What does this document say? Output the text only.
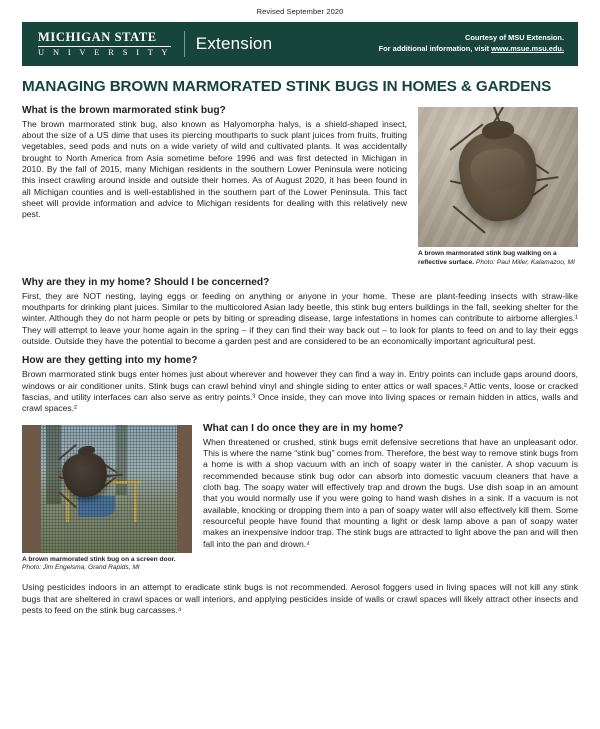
Revised September 2020
MICHIGAN STATE
U N I V E R S I T Y Extension	Courtesy of MSU Extension.
For additional information, visit www.msue.msu.edu.
MANAGING BROWN MARMORATED STINK BUGS IN HOMES & GARDENS
A brown marmorated stink bug walking on a reflective surface. Photo: Paul Miller, Kalamazoo, MI
What is the brown marmorated stink bug?

The brown marmorated stink bug, also known as Halyomorpha halys, is a shield-shaped insect, about the size of a US dime that uses its piercing mouthparts to suck plant juices from fruits, fruiting vegetables, seed pods and nuts on a wide variety of wild and cultivated plants. It was accidentally brought to North America from Asia sometime before 1996 and was first detected in Michigan in 2010. By the fall of 2015, many Michigan residents in the southern Lower Peninsula were noticing this insect crawling around inside and outside their homes. As of August 2020, it has been found in all Michigan counties and is well-established in the southern part of the Lower Peninsula. This fact sheet will provide information and advice to Michigan residents for dealing with this relatively new pest.

Why are they in my home? Should I be concerned?

First, they are NOT nesting, laying eggs or feeding on anything or anyone in your home. These are plant-feeding insects with straw-like mouthparts for drinking plant juices. Similar to the multicolored Asian lady beetle, this stink bug enters buildings in the fall, seeking shelter for the winter. Although they do not harm people or pets by biting or spreading disease, large infestations in homes can contribute to airborne allergies.¹ They will attempt to leave your home again in the spring – if they can find their way back out – to look for plants to feed on and to lay their eggs outside. Outside they have the potential to become a garden pest and are considered to be an economically important agricultural pest.

How are they getting into my home?

Brown marmorated stink bugs enter homes just about wherever and however they can find a way in. Entry points can include gaps around doors, windows or air conditioner units. Stink bugs can crawl behind vinyl and shingle siding to enter attics or wall spaces.² Attic vents, loose or cracked fascias, and utility interfaces can also serve as entry points.³ Once inside, they can move into living spaces or remain hidden in attics, walls and crawl spaces.²

A brown marmorated stink bug on a screen door. Photo: Jim Engelsma, Grand Rapids, MI
What can I do once they are in my home?

When threatened or crushed, stink bugs emit defensive secretions that have an unpleasant odor. This is where the name “stink bug” comes from. Therefore, the best way to remove stink bugs from a home is with a shop vacuum with an inch of soapy water in the canister. A shop vacuum is recommended because stink bug odor can absorb into domestic vacuum cleaners that have a cloth bag. The soapy water will effectively trap and drown the bugs. Use dish soap in an amount that you would normally use if you were going to hand wash dishes in a sink. If a vacuum is not available, knocking or dropping them into a pan of soapy water will also effectively kill them. Some resourceful people have found that mounting a light or desk lamp above a pan of soapy water makes an inexpensive indoor trap. The stink bugs are attracted to light above the pan and will then fall into the pan and drown.⁴

Using pesticides indoors in an attempt to eradicate stink bugs is not recommended. Aerosol foggers used in living spaces will not kill any stink bugs that are sheltered in crawl spaces or wall interiors, and applying pesticides inside of walls or crawl spaces will likely attract other insects and pests to feed on the stink bug carcasses.⁴
